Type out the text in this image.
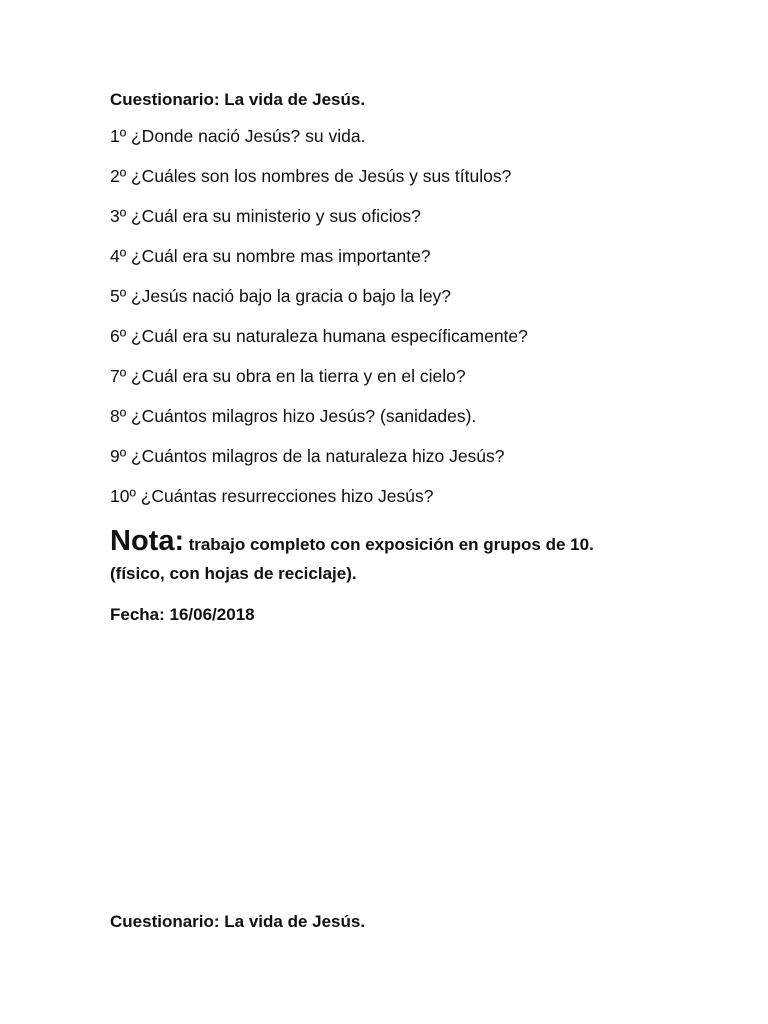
Cuestionario: La vida de Jesús.
1º ¿Donde nació Jesús? su vida.
2º ¿Cuáles son los nombres de Jesús y sus títulos?
3º ¿Cuál era su ministerio y sus oficios?
4º ¿Cuál era su nombre mas importante?
5º ¿Jesús nació bajo la gracia o bajo la ley?
6º ¿Cuál era su naturaleza humana específicamente?
7º ¿Cuál era su obra en la tierra y en el cielo?
8º ¿Cuántos milagros hizo Jesús? (sanidades).
9º ¿Cuántos milagros de la naturaleza hizo Jesús?
10º ¿Cuántas resurrecciones hizo Jesús?
Nota: trabajo completo con exposición en grupos de 10.
(físico, con hojas de reciclaje).
Fecha: 16/06/2018
Cuestionario: La vida de Jesús.
